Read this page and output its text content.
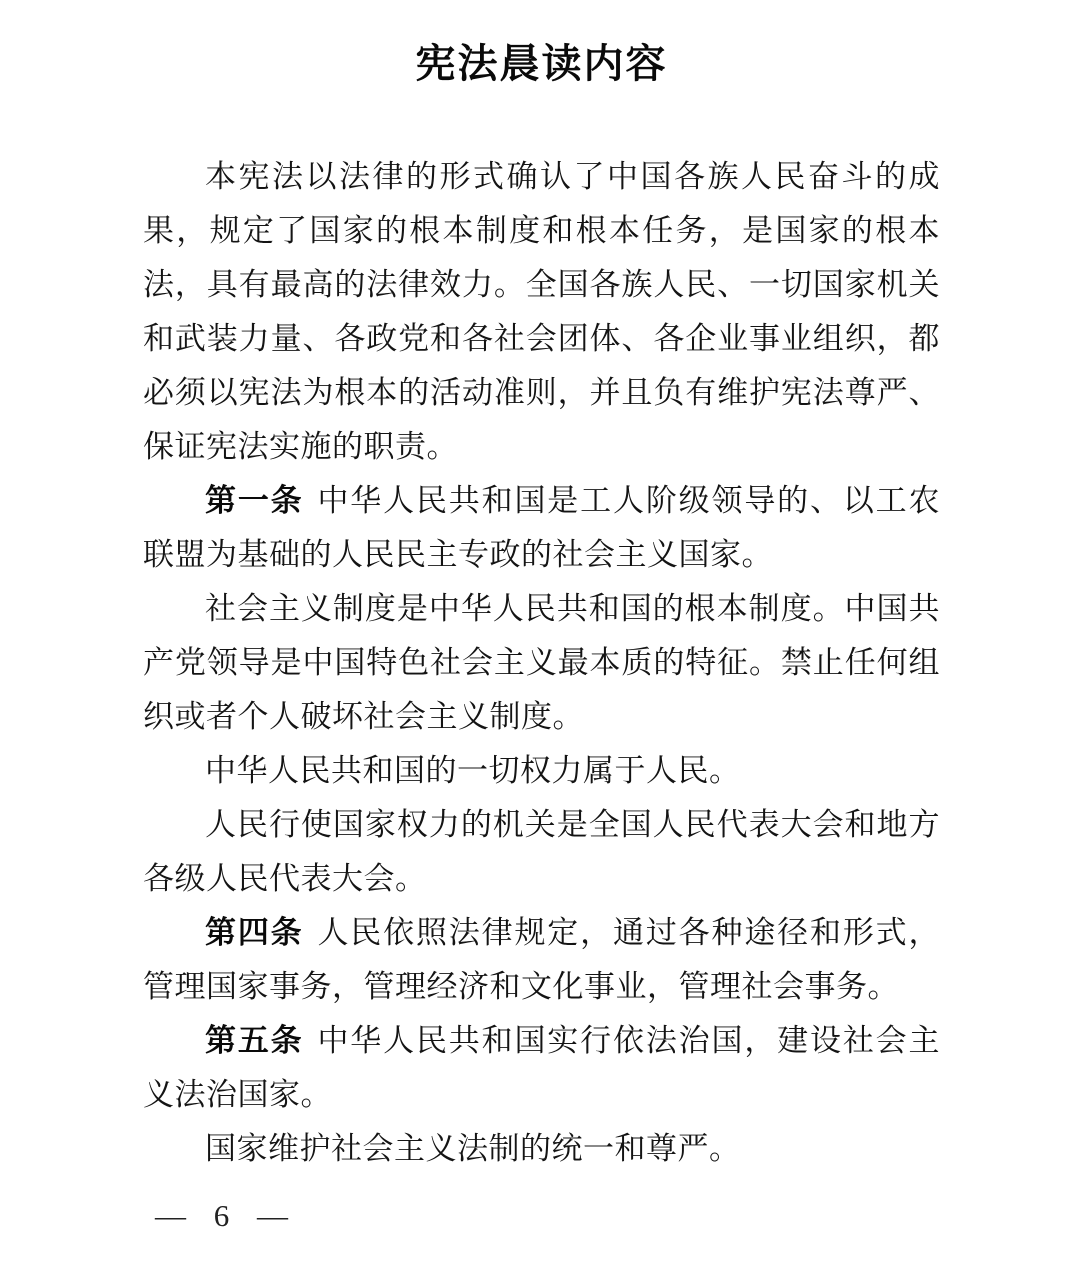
宪法晨读内容

本宪法以法律的形式确认了中国各族人民奋斗的成果，规定了国家的根本制度和根本任务，是国家的根本法，具有最高的法律效力。全国各族人民、一切国家机关和武装力量、各政党和各社会团体、各企业事业组织，都必须以宪法为根本的活动准则，并且负有维护宪法尊严、保证宪法实施的职责。

第一条 中华人民共和国是工人阶级领导的、以工农联盟为基础的人民民主专政的社会主义国家。

社会主义制度是中华人民共和国的根本制度。中国共产党领导是中国特色社会主义最本质的特征。禁止任何组织或者个人破坏社会主义制度。

中华人民共和国的一切权力属于人民。

人民行使国家权力的机关是全国人民代表大会和地方各级人民代表大会。

第四条 人民依照法律规定，通过各种途径和形式，管理国家事务，管理经济和文化事业，管理社会事务。

第五条 中华人民共和国实行依法治国，建设社会主义法治国家。

国家维护社会主义法制的统一和尊严。

— 6 —
